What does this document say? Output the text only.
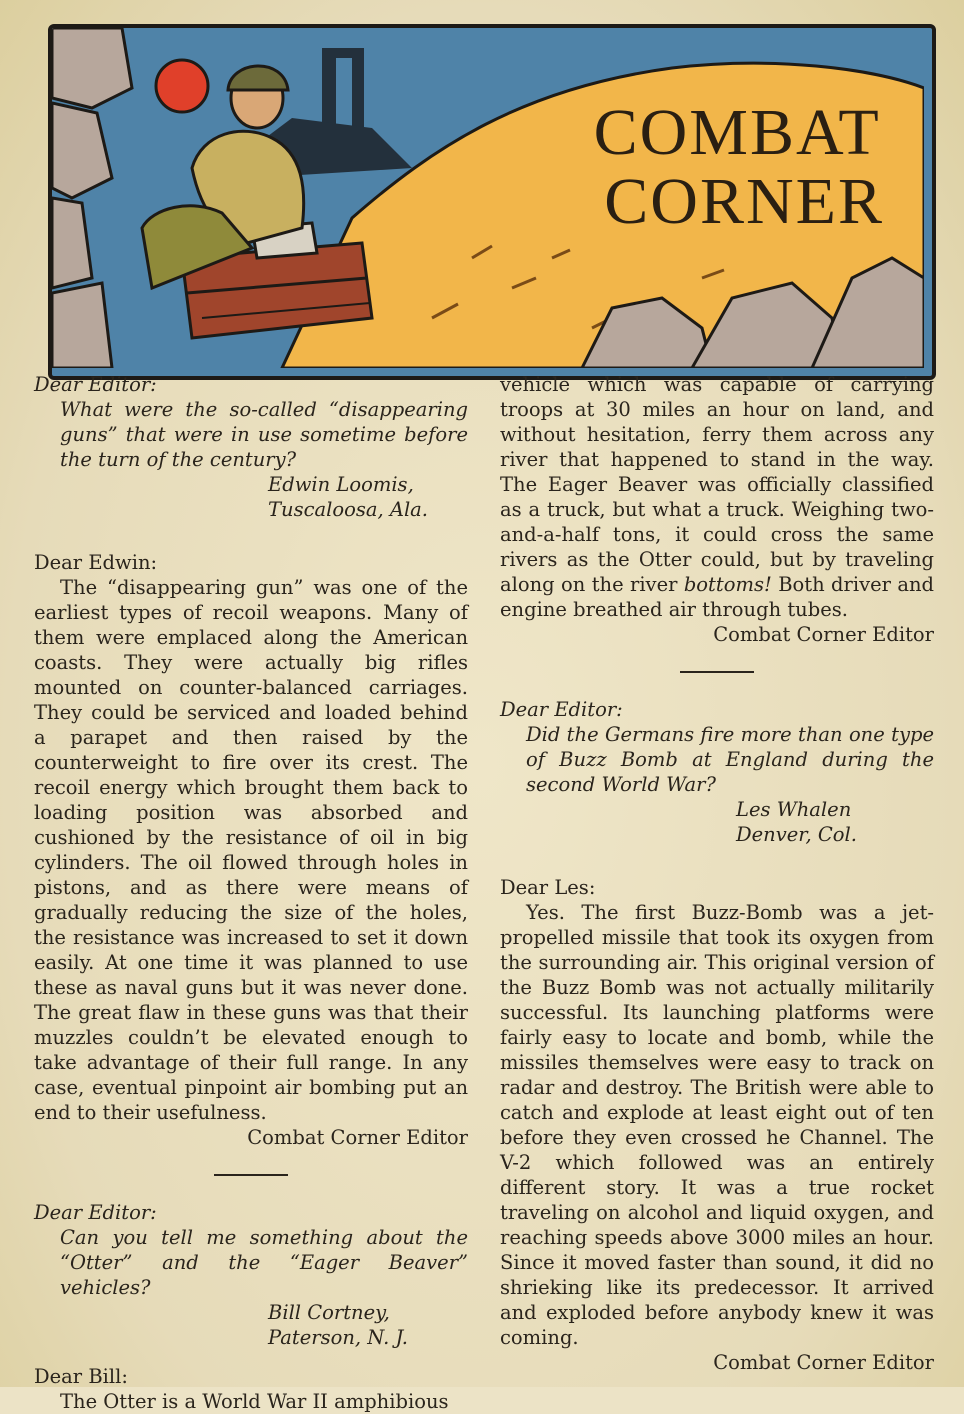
COMBAT
CORNER

Dear Editor:

What were the so-called “disappearing guns” that were in use sometime before the turn of the century?

Edwin Loomis,

Tuscaloosa, Ala.

Dear Edwin:

The “disappearing gun” was one of the earliest types of recoil weapons. Many of them were emplaced along the American coasts. They were actually big rifles mounted on counter-balanced carriages. They could be serviced and loaded behind a parapet and then raised by the counterweight to fire over its crest. The recoil energy which brought them back to loading position was absorbed and cushioned by the resistance of oil in big cylinders. The oil flowed through holes in pistons, and as there were means of gradually reducing the size of the holes, the resistance was increased to set it down easily. At one time it was planned to use these as naval guns but it was never done. The great flaw in these guns was that their muzzles couldn’t be elevated enough to take advantage of their full range. In any case, eventual pinpoint air bombing put an end to their usefulness.

Combat Corner Editor

Dear Editor:

Can you tell me something about the “Otter” and the “Eager Beaver” vehicles?

Bill Cortney,

Paterson, N. J.

Dear Bill:

The Otter is a World War II amphibious

vehicle which was capable of carrying troops at 30 miles an hour on land, and without hesitation, ferry them across any river that happened to stand in the way. The Eager Beaver was officially classified as a truck, but what a truck. Weighing two-and-a-half tons, it could cross the same rivers as the Otter could, but by traveling along on the river bottoms! Both driver and engine breathed air through tubes.

Combat Corner Editor

Dear Editor:

Did the Germans fire more than one type of Buzz Bomb at England during the second World War?

Les Whalen

Denver, Col.

Dear Les:

Yes. The first Buzz-Bomb was a jet-propelled missile that took its oxygen from the surrounding air. This original version of the Buzz Bomb was not actually militarily successful. Its launching platforms were fairly easy to locate and bomb, while the missiles themselves were easy to track on radar and destroy. The British were able to catch and explode at least eight out of ten before they even crossed he Channel. The V-2 which followed was an entirely different story. It was a true rocket traveling on alcohol and liquid oxygen, and reaching speeds above 3000 miles an hour. Since it moved faster than sound, it did no shrieking like its predecessor. It arrived and exploded before anybody knew it was coming.

Combat Corner Editor
